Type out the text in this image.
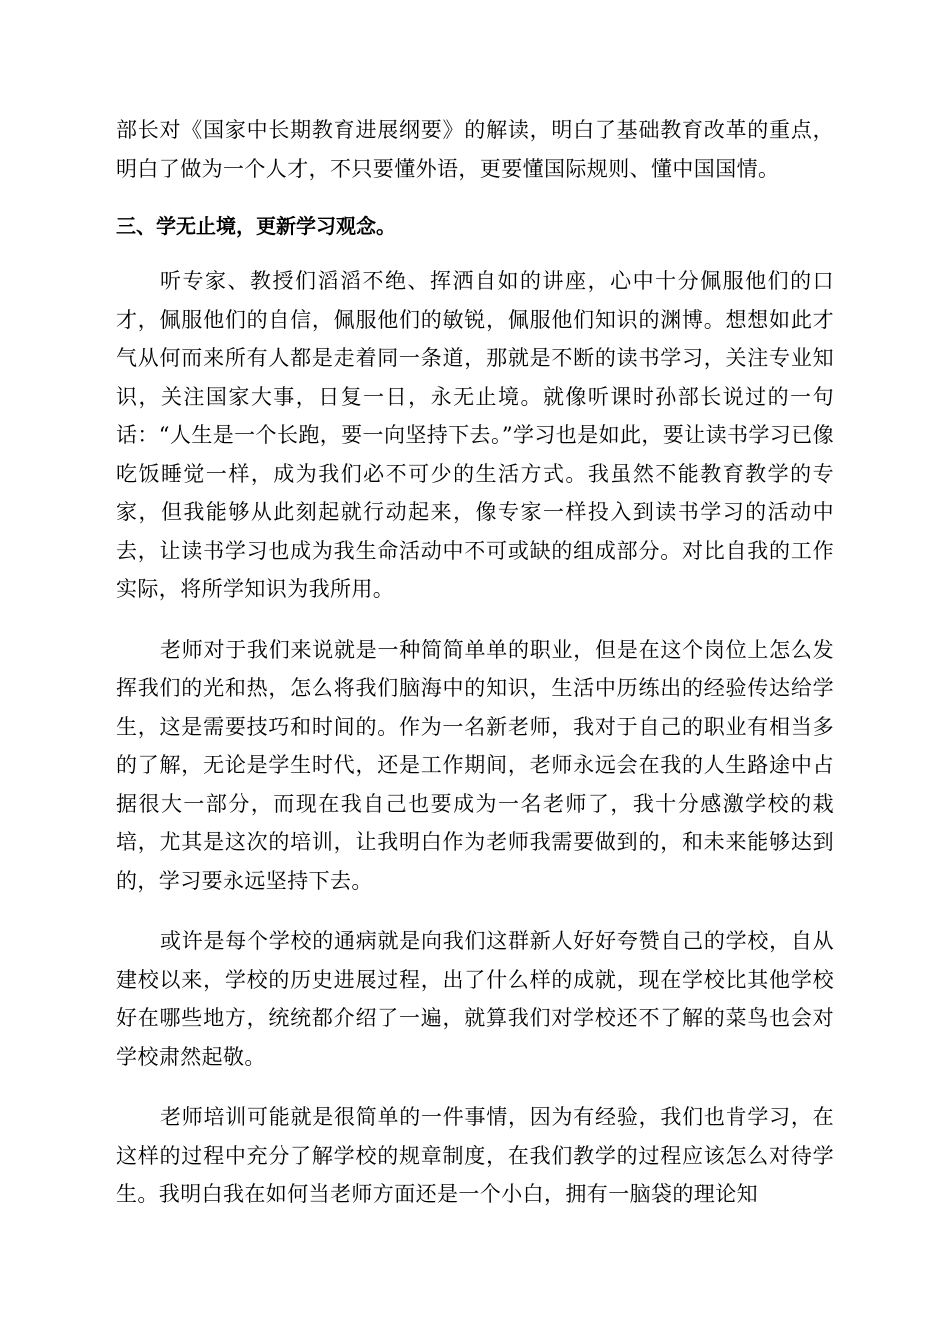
部长对《国家中长期教育进展纲要》的解读，明白了基础教育改革的重点，明白了做为一个人才，不只要懂外语，更要懂国际规则、懂中国国情。

三、学无止境，更新学习观念。

听专家、教授们滔滔不绝、挥洒自如的讲座，心中十分佩服他们的口才，佩服他们的自信，佩服他们的敏锐，佩服他们知识的渊博。想想如此才气从何而来所有人都是走着同一条道，那就是不断的读书学习，关注专业知识，关注国家大事，日复一日，永无止境。就像听课时孙部长说过的一句话：“人生是一个长跑，要一向坚持下去。”学习也是如此，要让读书学习已像吃饭睡觉一样，成为我们必不可少的生活方式。我虽然不能教育教学的专家，但我能够从此刻起就行动起来，像专家一样投入到读书学习的活动中去，让读书学习也成为我生命活动中不可或缺的组成部分。对比自我的工作实际，将所学知识为我所用。

老师对于我们来说就是一种简简单单的职业，但是在这个岗位上怎么发挥我们的光和热，怎么将我们脑海中的知识，生活中历练出的经验传达给学生，这是需要技巧和时间的。作为一名新老师，我对于自己的职业有相当多的了解，无论是学生时代，还是工作期间，老师永远会在我的人生路途中占据很大一部分，而现在我自己也要成为一名老师了，我十分感激学校的栽培，尤其是这次的培训，让我明白作为老师我需要做到的，和未来能够达到的，学习要永远坚持下去。

或许是每个学校的通病就是向我们这群新人好好夸赞自己的学校，自从建校以来，学校的历史进展过程，出了什么样的成就，现在学校比其他学校好在哪些地方，统统都介绍了一遍，就算我们对学校还不了解的菜鸟也会对学校肃然起敬。

老师培训可能就是很简单的一件事情，因为有经验，我们也肯学习，在这样的过程中充分了解学校的规章制度，在我们教学的过程应该怎么对待学生。我明白我在如何当老师方面还是一个小白，拥有一脑袋的理论知
